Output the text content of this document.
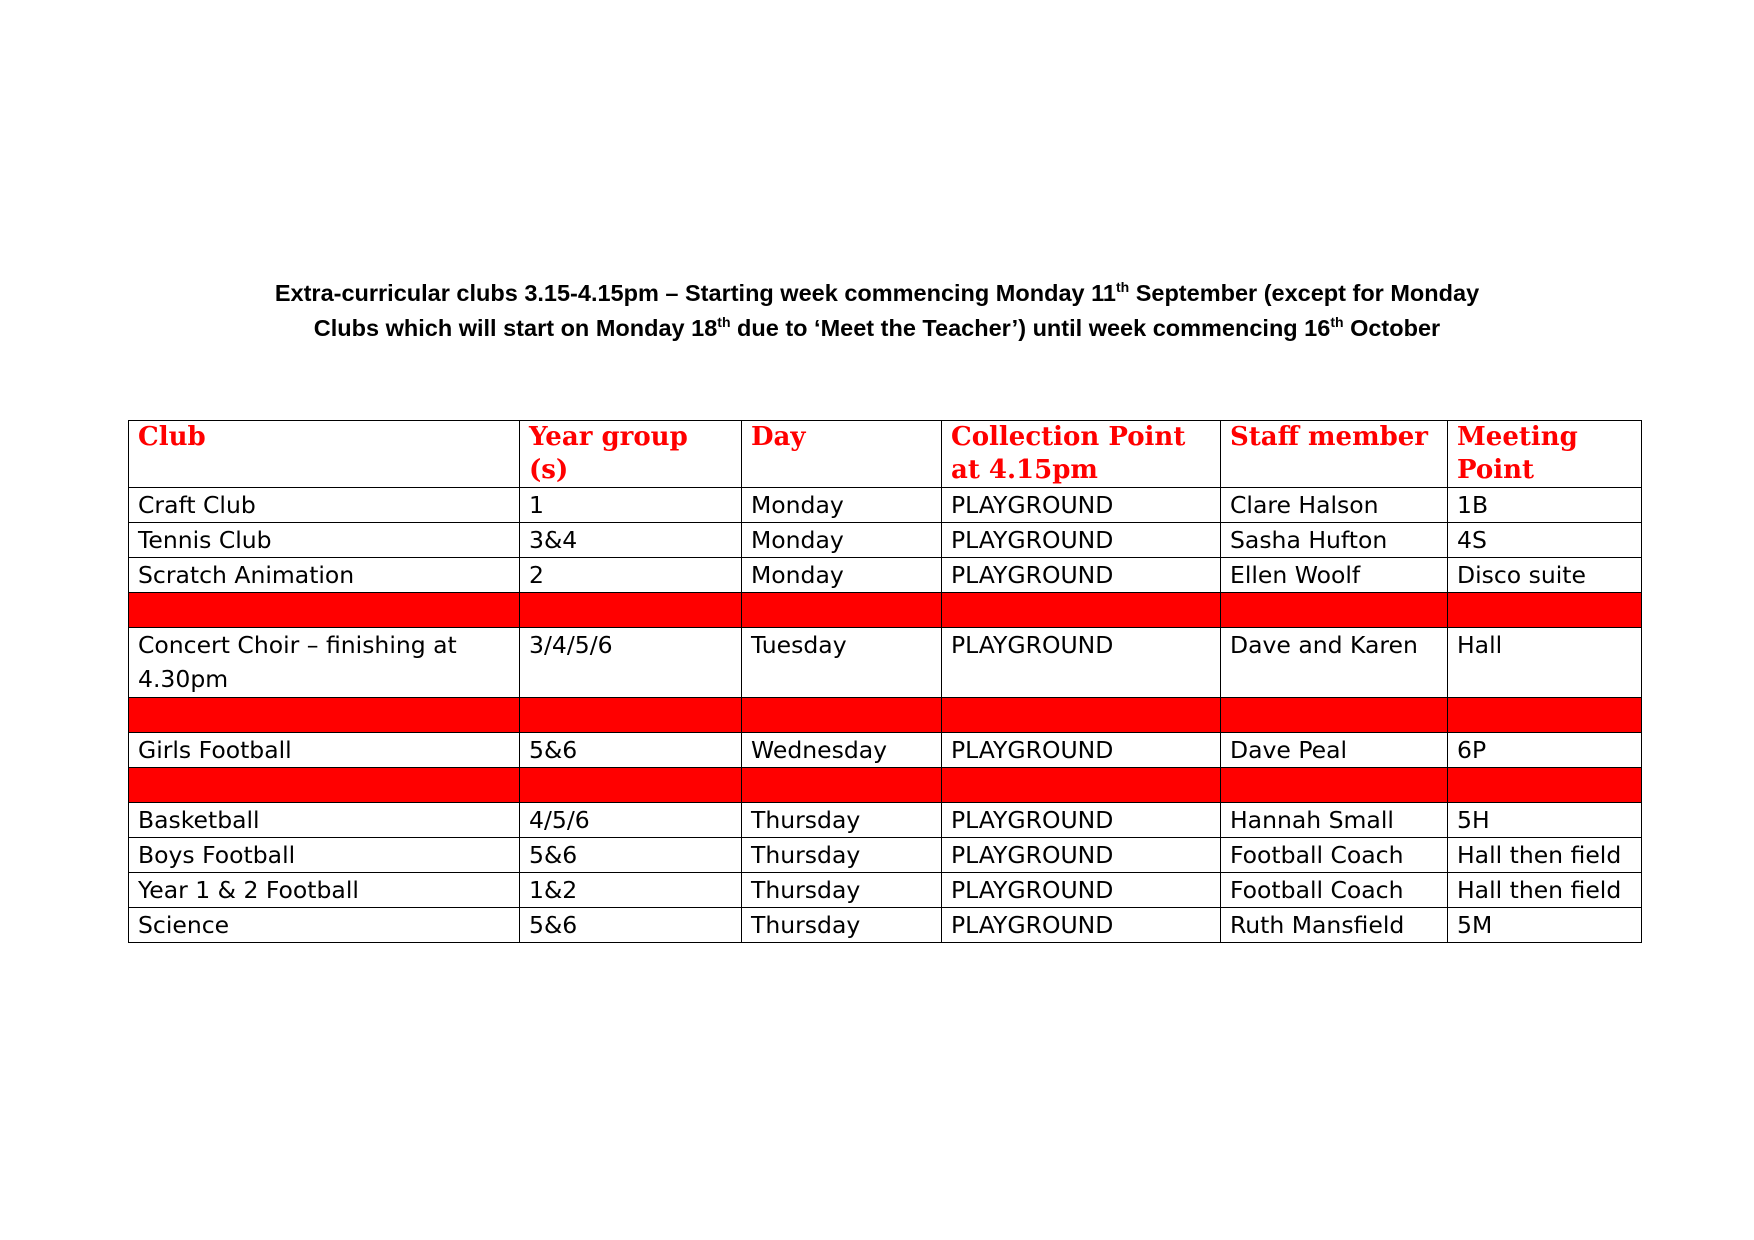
Extra-curricular clubs 3.15-4.15pm – Starting week commencing Monday 11th September (except for Monday
Clubs which will start on Monday 18th due to ‘Meet the Teacher’) until week commencing 16th October
Club	Year group (s)	Day	Collection Point at 4.15pm	Staff member	Meeting Point
Craft Club	1	Monday	PLAYGROUND	Clare Halson	1B
Tennis Club	3&4	Monday	PLAYGROUND	Sasha Hufton	4S
Scratch Animation	2	Monday	PLAYGROUND	Ellen Woolf	Disco suite

Concert Choir – finishing at 4.30pm	3/4/5/6	Tuesday	PLAYGROUND	Dave and Karen	Hall

Girls Football	5&6	Wednesday	PLAYGROUND	Dave Peal	6P

Basketball	4/5/6	Thursday	PLAYGROUND	Hannah Small	5H
Boys Football	5&6	Thursday	PLAYGROUND	Football Coach	Hall then field
Year 1 & 2 Football	1&2	Thursday	PLAYGROUND	Football Coach	Hall then field
Science	5&6	Thursday	PLAYGROUND	Ruth Mansfield	5M
